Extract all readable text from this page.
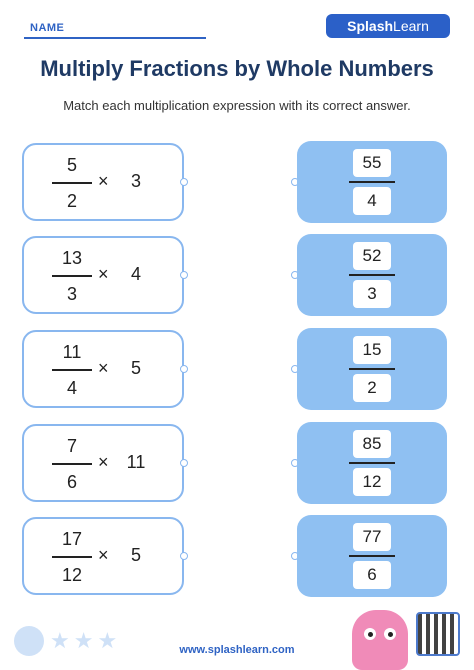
NAME	SplashLearn
Multiply Fractions by Whole Numbers
Match each multiplication expression with its correct answer.
5
2
×	3
13
3
×	4
11
4
×	5
7
6
× 11
17
12
×	5
55
4
52
3
15
2
85
12
77
6
★★★	www.splashlearn.com
